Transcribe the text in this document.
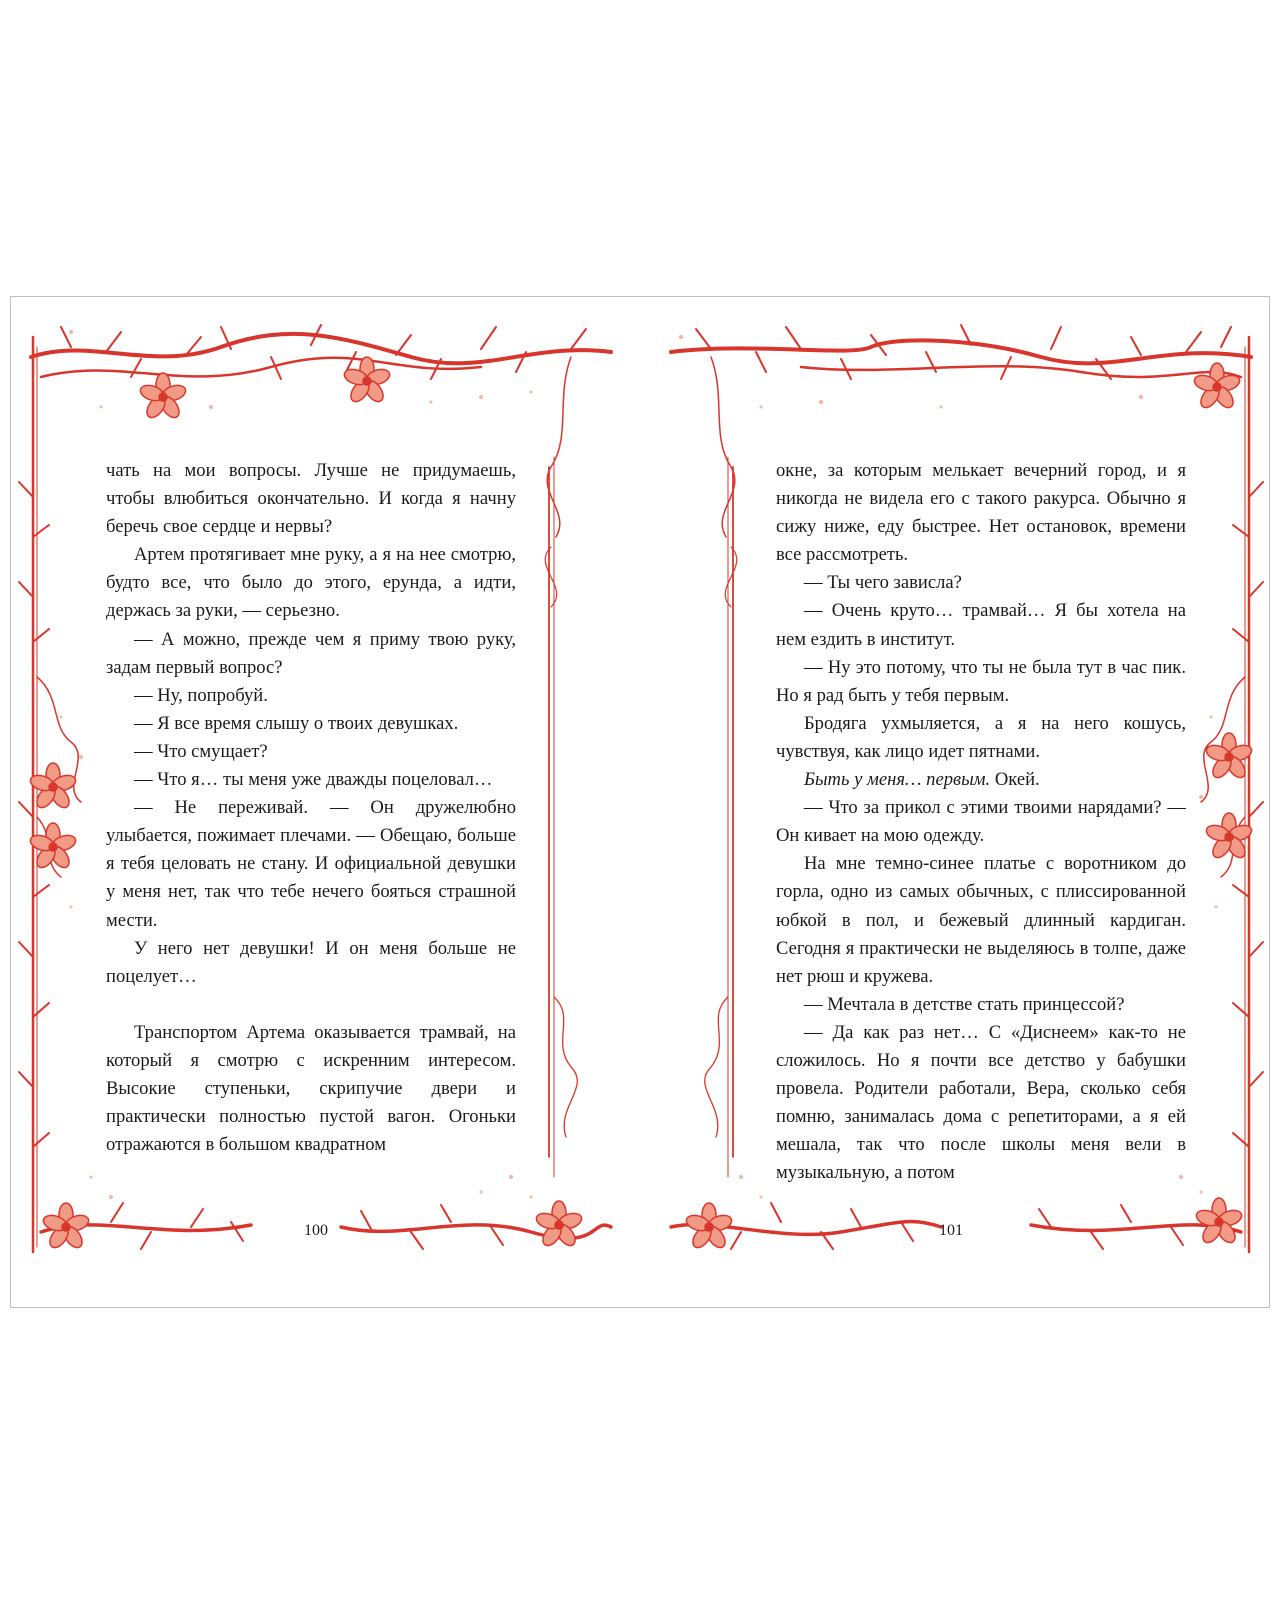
чать на мои вопросы. Лучше не придумаешь, чтобы влюбиться окончательно. И когда я начну беречь свое сердце и нервы?

Артем протягивает мне руку, а я на нее смотрю, будто все, что было до этого, ерунда, а идти, держась за руки, — серьезно.

— А можно, прежде чем я приму твою руку, задам первый вопрос?

— Ну, попробуй.

— Я все время слышу о твоих девушках.

— Что смущает?

— Что я… ты меня уже дважды поцеловал…

— Не переживай. — Он дружелюбно улыбается, пожимает плечами. — Обещаю, больше я тебя целовать не стану. И официальной девушки у меня нет, так что тебе нечего бояться страшной мести.

У него нет девушки! И он меня больше не поцелует…

Транспортом Артема оказывается трамвай, на который я смотрю с искренним интересом. Высокие ступеньки, скрипучие двери и практически полностью пустой вагон. Огоньки отражаются в большом квадратном

100

окне, за которым мелькает вечерний город, и я никогда не видела его с такого ракурса. Обычно я сижу ниже, еду быстрее. Нет остановок, времени все рассмотреть.

— Ты чего зависла?

— Очень круто… трамвай… Я бы хотела на нем ездить в институт.

— Ну это потому, что ты не была тут в час пик. Но я рад быть у тебя первым.

Бродяга ухмыляется, а я на него кошусь, чувствуя, как лицо идет пятнами.

Быть у меня… первым. Окей.

— Что за прикол с этими твоими нарядами? — Он кивает на мою одежду.

На мне темно-синее платье с воротником до горла, одно из самых обычных, с плиссированной юбкой в пол, и бежевый длинный кардиган. Сегодня я практически не выделяюсь в толпе, даже нет рюш и кружева.

— Мечтала в детстве стать принцессой?

— Да как раз нет… С «Диснеем» как-то не сложилось. Но я почти все детство у бабушки провела. Родители работали, Вера, сколько себя помню, занималась дома с репетиторами, а я ей мешала, так что после школы меня вели в музыкальную, а потом

101
